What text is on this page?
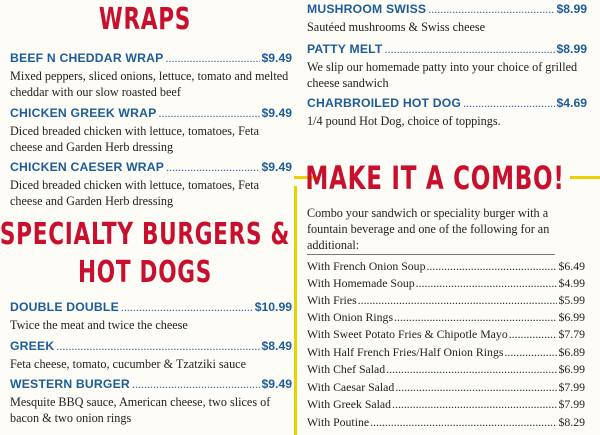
WRAPS
BEEF N CHEDDAR WRAP .....	$9.49
Mixed peppers, sliced onions, lettuce, tomato and melted cheddar with our slow roasted beef
CHICKEN GREEK WRAP .....	$9.49
Diced breaded chicken with lettuce, tomatoes, Feta cheese and Garden Herb dressing
CHICKEN CAESER WRAP .....	$9.49
Diced breaded chicken with lettuce, tomatoes, Feta cheese and Garden Herb dressing
SPECIALTY BURGERS &
HOT DOGS
DOUBLE DOUBLE .....	$10.99
Twice the meat and twice the cheese
GREEK .....	$8.49
Feta cheese, tomato, cucumber & Tzatziki sauce
WESTERN BURGER .....	$9.49
Mesquite BBQ sauce, American cheese, two slices of bacon & two onion rings
MUSHROOM SWISS .....	$8.99
Sautéed mushrooms & Swiss cheese
PATTY MELT .....	$8.99
We slip our homemade patty into your choice of grilled cheese sandwich
CHARBROILED HOT DOG .....	$4.69
1/4 pound Hot Dog, choice of toppings.
MAKE IT A COMBO!
Combo your sandwich or speciality burger with a fountain beverage and one of the following for an additional:
With French Onion Soup .....	$6.49
With Homemade Soup .....	$4.99
With Fries .....	$5.99
With Onion Rings .....	$6.99
With Sweet Potato Fries & Chipotle Mayo .....	$7.79
With Half French Fries/Half Onion Rings .....	$6.89
With Chef Salad .....	$6.99
With Caesar Salad .....	$7.99
With Greek Salad .....	$7.99
With Poutine .....	$8.29
